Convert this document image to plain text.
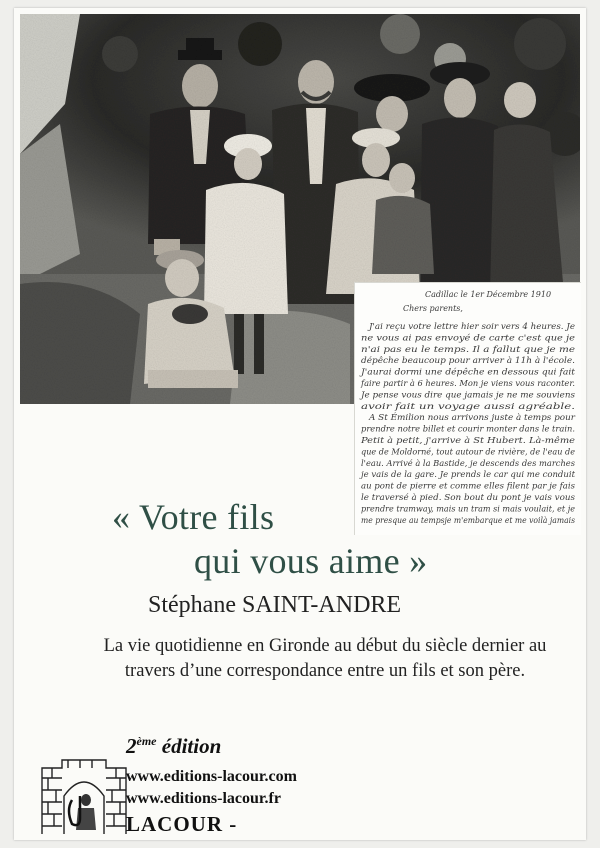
Cadillac le 1er Décembre 1910
Chers parents,
J'ai reçu votre lettre hier soir vers 4 heures. Je
ne vous ai pas envoyé de carte c'est que je
n'ai pas eu le temps. Il a fallut que je me
dépêche beaucoup pour arriver à 11h à l'école.
J'aurai dormi une dépêche en dessous qui fait
faire partir à 6 heures. Mon je viens vous raconter.
Je pense vous dire que jamais je ne me souviens
avoir fait un voyage aussi agréable.
A St Émilion nous arrivons juste à temps pour
prendre notre billet et courir monter dans le train.
Petit à petit, j'arrive à St Hubert. Là-même
que de Moldorné, tout autour de rivière, de l'eau de
l'eau. Arrivé à la Bastide, je descends des marches
je vais de la gare. Je prends le car qui me conduit
au pont de pierre et comme elles filent par je fais
le traversé à pied. Son bout du pont je vais vous
prendre tramway, mais un tram si mais voulait, et je
me presque au tempsje m'embarque et me voilà jamais
« Votre fils
qui vous aime »
Stéphane SAINT-ANDRE
La vie quotidienne en Gironde au début du siècle dernier au travers d’une correspondance entre un fils et son père.
2ème édition
www.editions-lacour.com
www.editions-lacour.fr
LACOUR -
